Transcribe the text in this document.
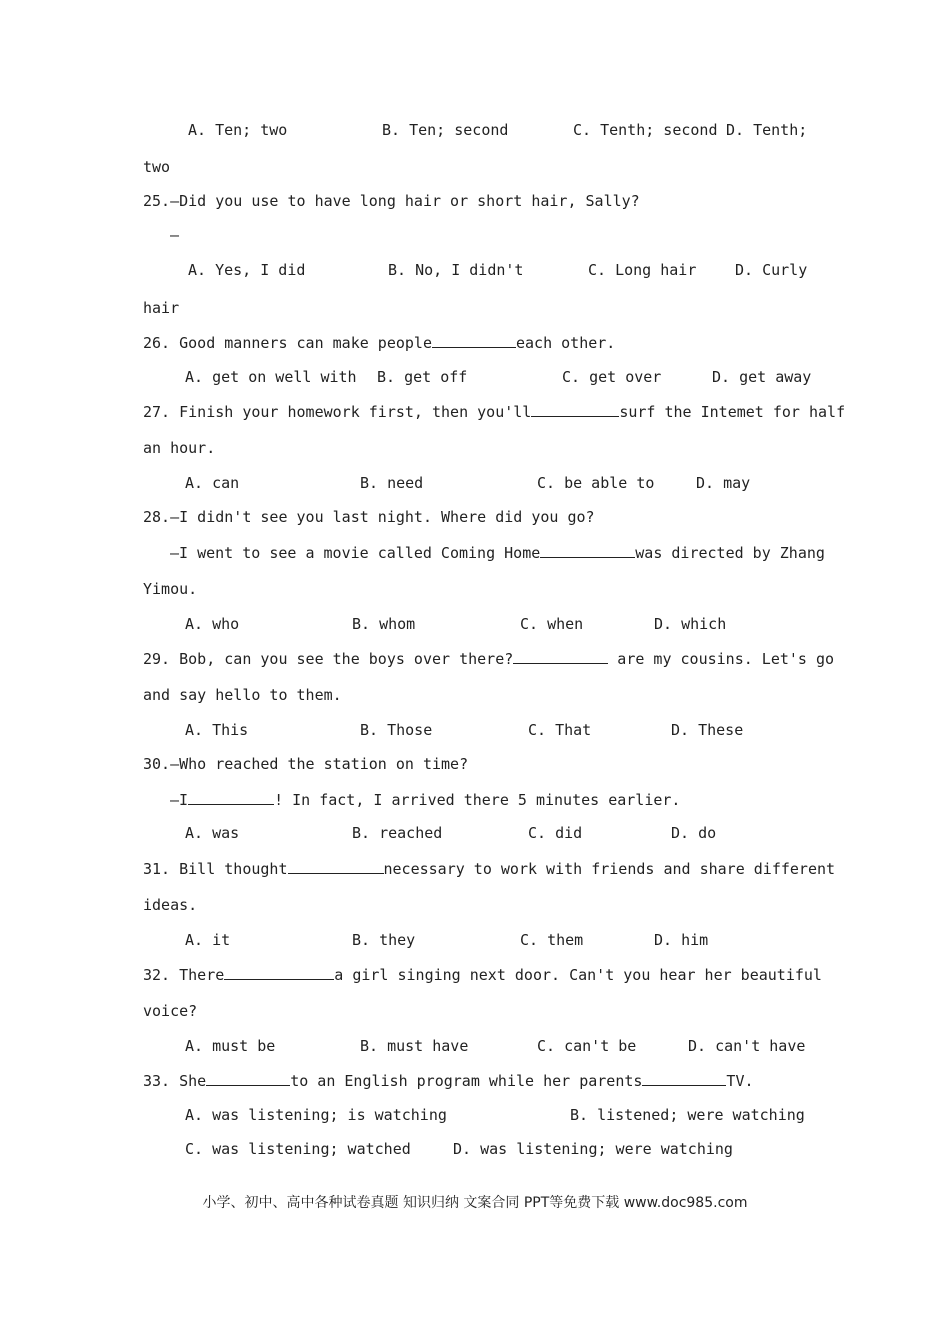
A. Ten; two	B. Ten; second	C. Tenth; second D. Tenth;
two
25.—Did you use to have long hair or short hair, Sally?
—
A. Yes, I did	B. No, I didn't	C. Long hair	D. Curly
hair
26. Good manners can make people	each other.
A. get on well with B. get off	C. get over	D. get away
27. Finish your homework first, then you'll	surf the Intemet for half
an hour.
A. can	B. need	C. be able to	D. may
28.—I didn't see you last night. Where did you go?
—I went to see a movie called Coming Home	was directed by Zhang
Yimou.
A. who	B. whom	C. when	D. which
29. Bob, can you see the boys over there?	are my cousins. Let's go
and say hello to them.
A. This	B. Those	C. That	D. These
30.—Who reached the station on time?
—I	! In fact, I arrived there 5 minutes earlier.
A. was	B. reached	C. did	D. do
31. Bill thought	necessary to work with friends and share different
ideas.
A. it	B. they	C. them	D. him
32. There	a girl singing next door. Can't you hear her beautiful
voice?
A. must be	B. must have	C. can't be	D. can't have
33. She	to an English program while her parents	TV.
A. was listening; is watching	B. listened; were watching
C. was listening; watched	D. was listening; were watching
小学、初中、高中各种试卷真题 知识归纳 文案合同 PPT等免费下载 www.doc985.com
